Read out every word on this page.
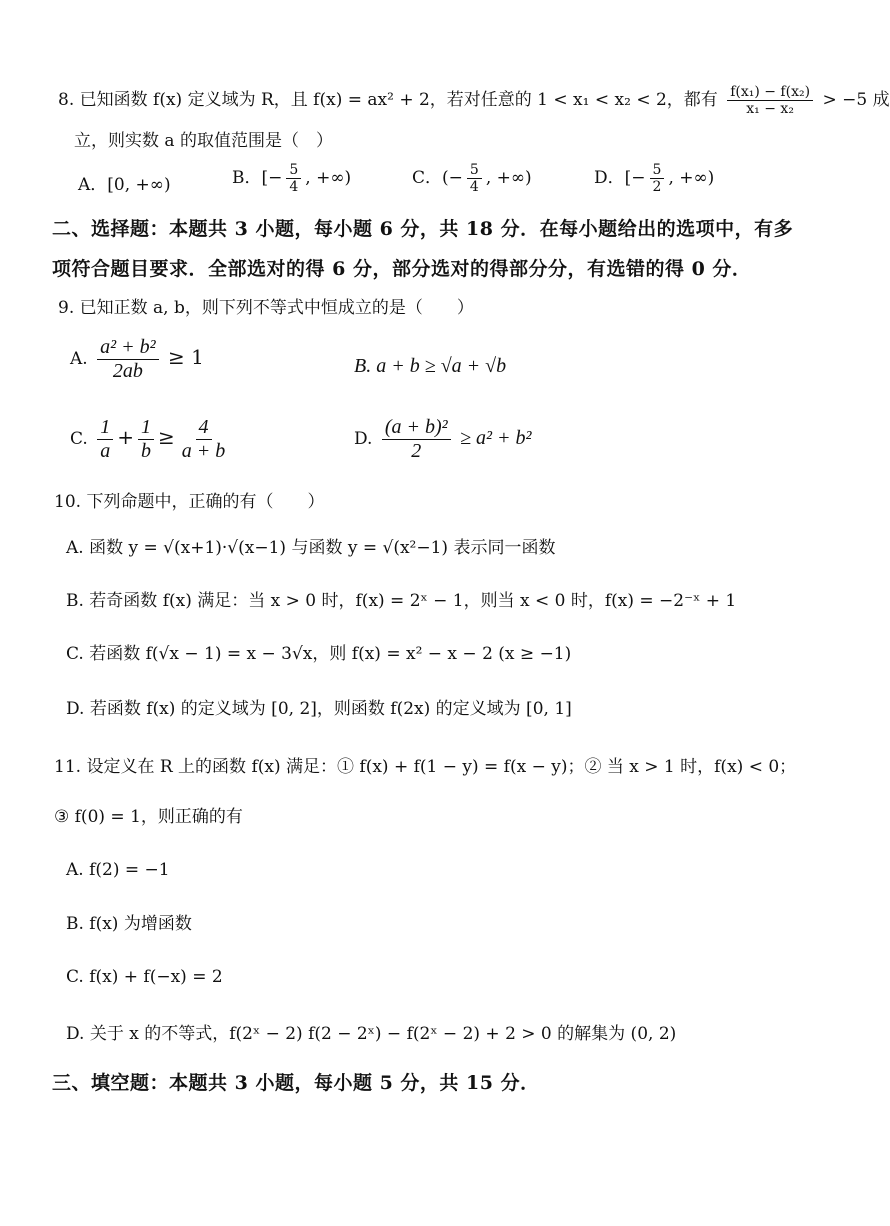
8. 已知函数 f(x) 定义域为 R，且 f(x) = ax² + 2，若对任意的 1 < x₁ < x₂ < 2，都有 $\frac{\text{f(x₁) − f(x₂)}}{\text{x₁ − x₂}} > -5$ 成
立，则实数 a 的取值范围是（　）
A．[0, +∞)	B．[− $\frac{5}{4}$ , +∞)	C．(− $\frac{5}{4}$ , +∞)	D．[− $\frac{5}{2}$ , +∞)
二、选择题：本题共 3 小题，每小题 6 分，共 18 分．在每小题给出的选项中，有多
项符合题目要求．全部选对的得 6 分，部分选对的得部分分，有选错的得 0 分．
9. 已知正数 a, b，则下列不等式中恒成立的是（　　）
A. $\frac{\text{a² + b²}}{2ab} \ge 1$	B. a + b ≥ √a + √b
C. $\frac{1}{a} + \frac{1}{b} \ge \frac{4}{a + b}$	D. $\frac{\text{(a + b)²}}{2} \ge a^2 + b^2$
10. 下列命题中，正确的有（　　）
A. 函数 y = √(x+1)·√(x−1) 与函数 y = √(x²−1) 表示同一函数
B. 若奇函数 f(x) 满足：当 x > 0 时，f(x) = 2ˣ − 1，则当 x < 0 时，f(x) = −2⁻ˣ + 1
C. 若函数 f(√x − 1) = x − 3√x，则 f(x) = x² − x − 2 (x ≥ −1)
D. 若函数 f(x) 的定义域为 [0, 2]，则函数 f(2x) 的定义域为 [0, 1]
11. 设定义在 R 上的函数 f(x) 满足：① f(x) + f(1 − y) = f(x − y)；② 当 x > 1 时，f(x) < 0；
③ f(0) = 1，则正确的有
A. f(2) = −1
B. f(x) 为增函数
C. f(x) + f(−x) = 2
D. 关于 x 的不等式，f(2ˣ − 2) f(2 − 2ˣ) − f(2ˣ − 2) + 2 > 0 的解集为 (0, 2)
三、填空题：本题共 3 小题，每小题 5 分，共 15 分．
